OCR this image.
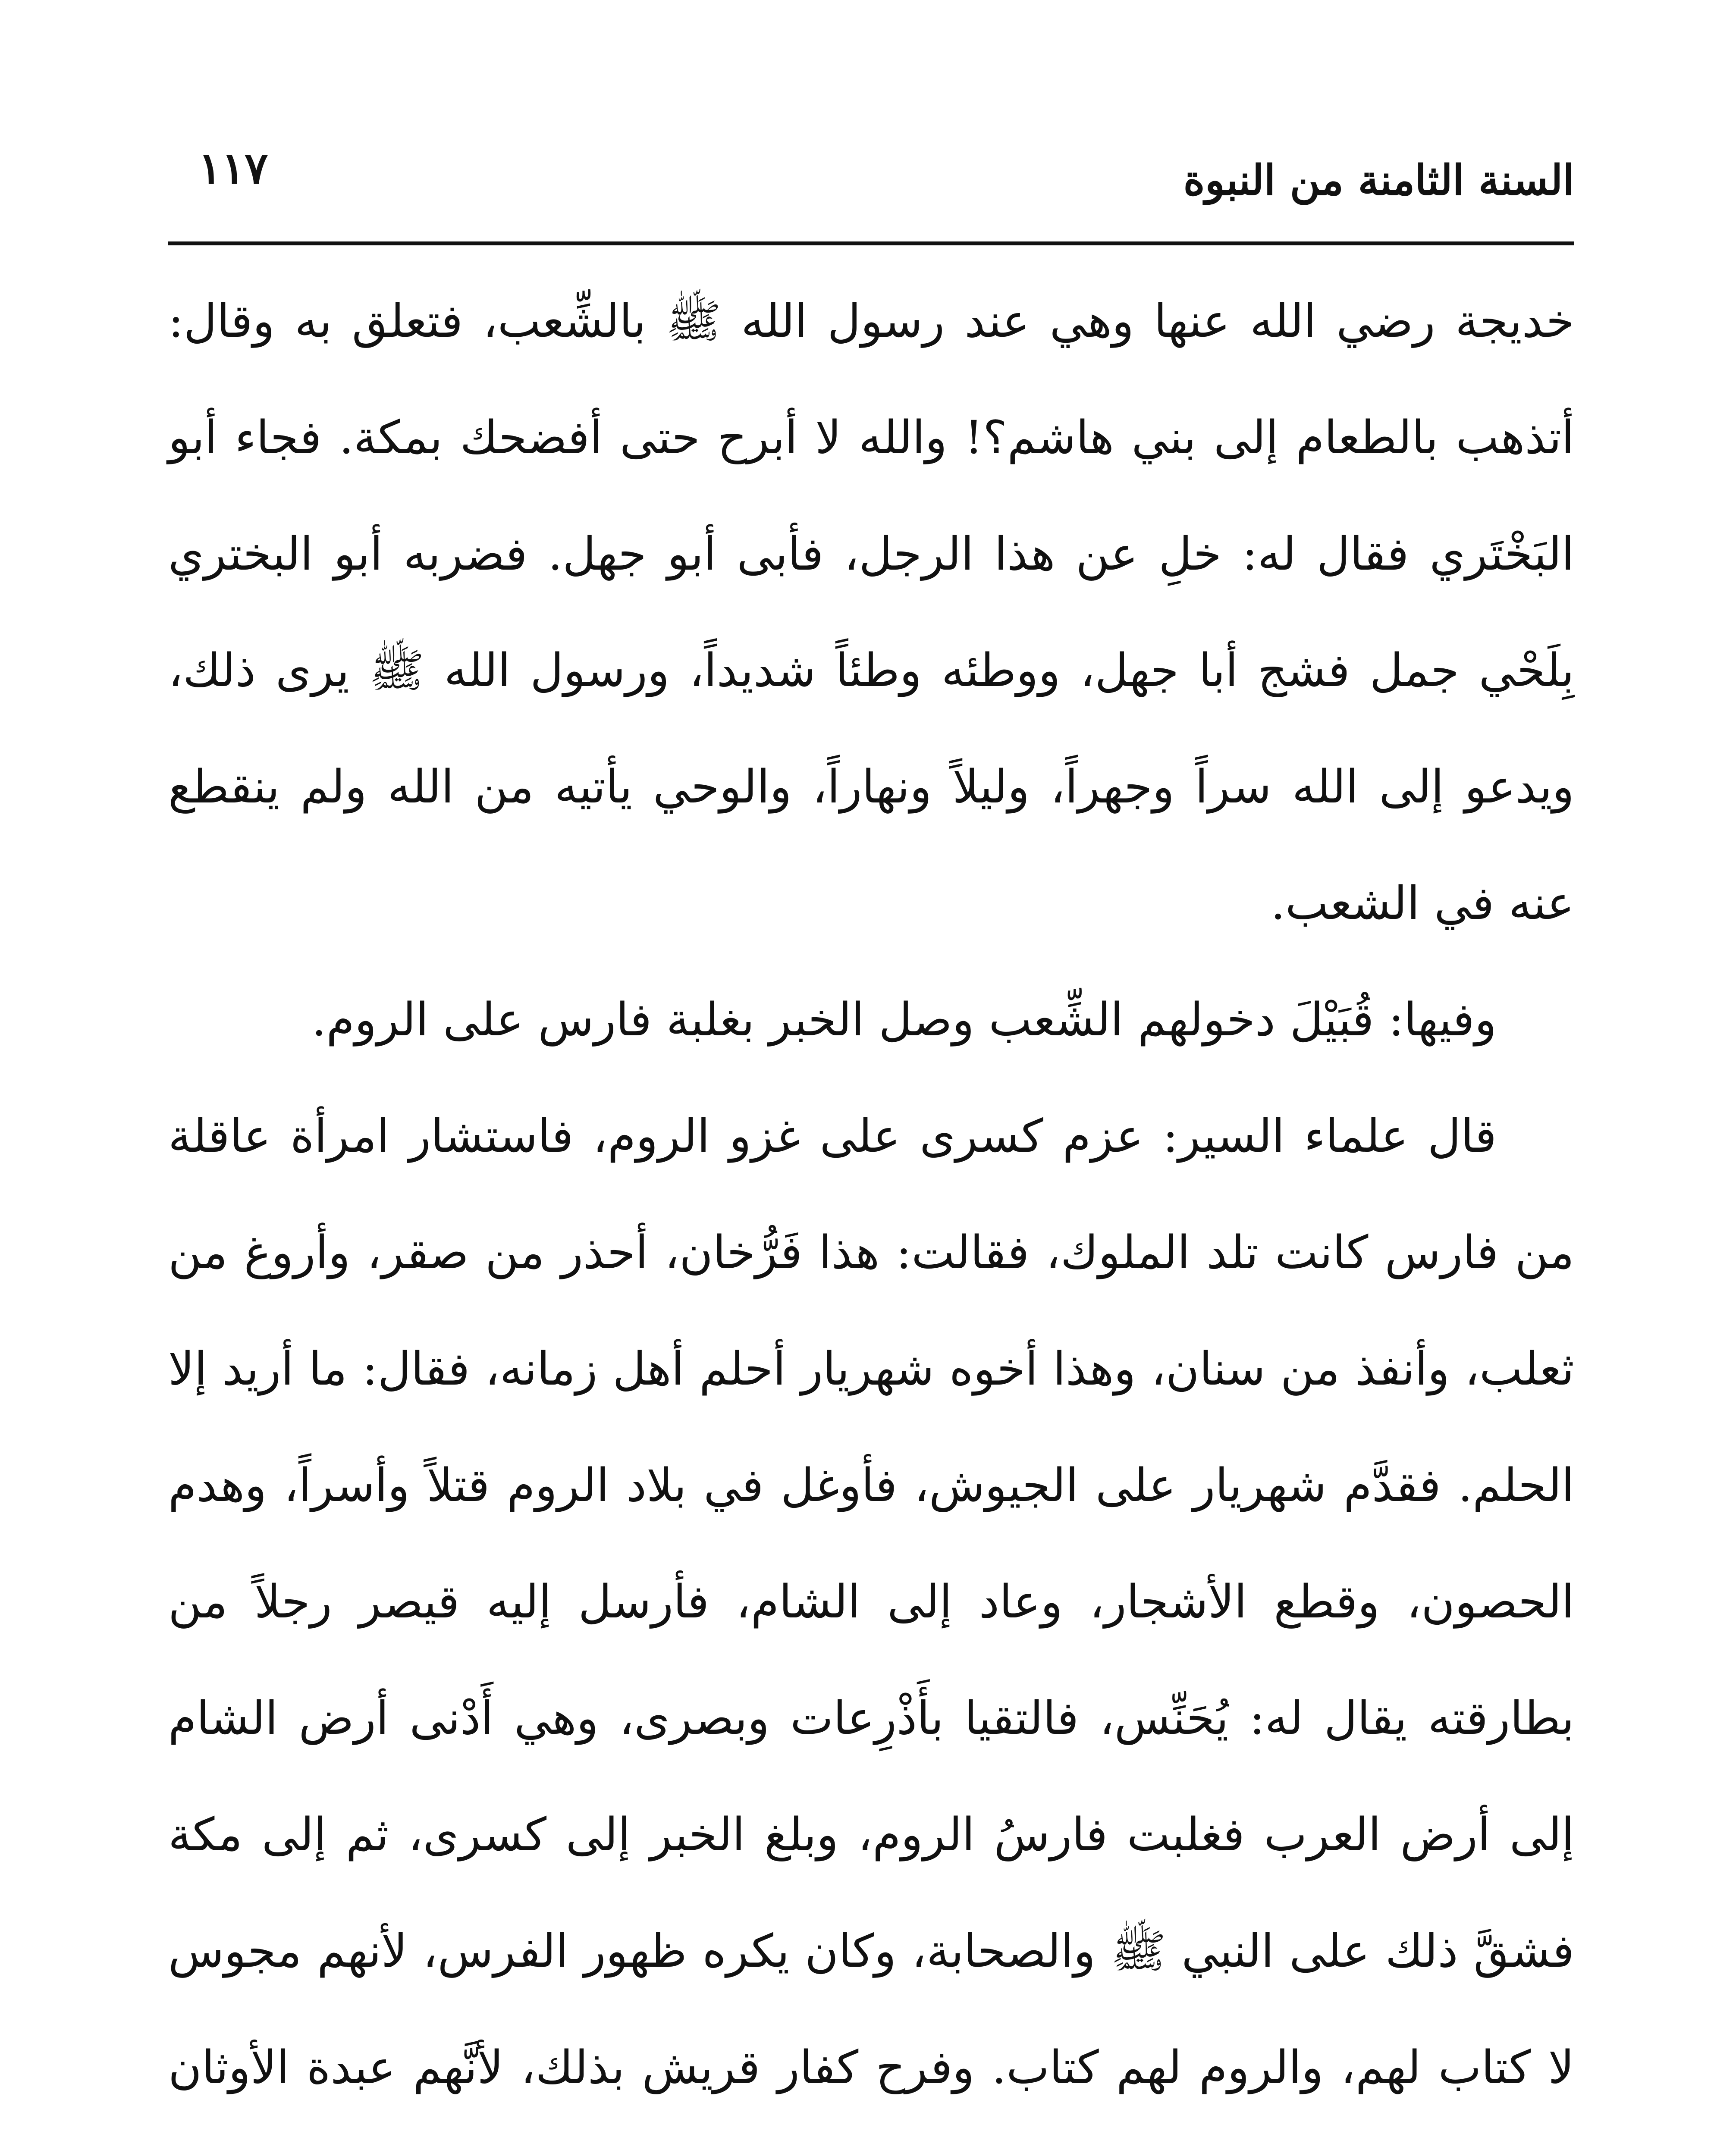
السنة الثامنة من النبوة
١١٧

خديجة رضي الله عنها وهي عند رسول الله ﷺ بالشِّعب، فتعلق به وقال: أتذهب بالطعام إلى بني هاشم؟! والله لا أبرح حتى أفضحك بمكة. فجاء أبو البَخْتَري فقال له: خلِ عن هذا الرجل، فأبى أبو جهل. فضربه أبو البختري بِلَحْي جمل فشج أبا جهل، ووطئه وطئاً شديداً، ورسول الله ﷺ يرى ذلك، ويدعو إلى الله سراً وجهراً، وليلاً ونهاراً، والوحي يأتيه من الله ولم ينقطع عنه في الشعب.

وفيها: قُبَيْلَ دخولهم الشِّعب وصل الخبر بغلبة فارس على الروم.

قال علماء السير: عزم كسرى على غزو الروم، فاستشار امرأة عاقلة من فارس كانت تلد الملوك، فقالت: هذا فَرُّخان، أحذر من صقر، وأروغ من ثعلب، وأنفذ من سنان، وهذا أخوه شهريار أحلم أهل زمانه، فقال: ما أريد إلا الحلم. فقدَّم شهريار على الجيوش، فأوغل في بلاد الروم قتلاً وأسراً، وهدم الحصون، وقطع الأشجار، وعاد إلى الشام، فأرسل إليه قيصر رجلاً من بطارقته يقال له: يُحَنِّس، فالتقيا بأَذْرِعات وبصرى، وهي أَدْنى أرض الشام إلى أرض العرب فغلبت فارسُ الروم، وبلغ الخبر إلى كسرى، ثم إلى مكة فشقَّ ذلك على النبي ﷺ والصحابة، وكان يكره ظهور الفرس، لأنهم مجوس لا كتاب لهم، والروم لهم كتاب. وفرح كفار قريش بذلك، لأنَّهم عبدة الأوثان
